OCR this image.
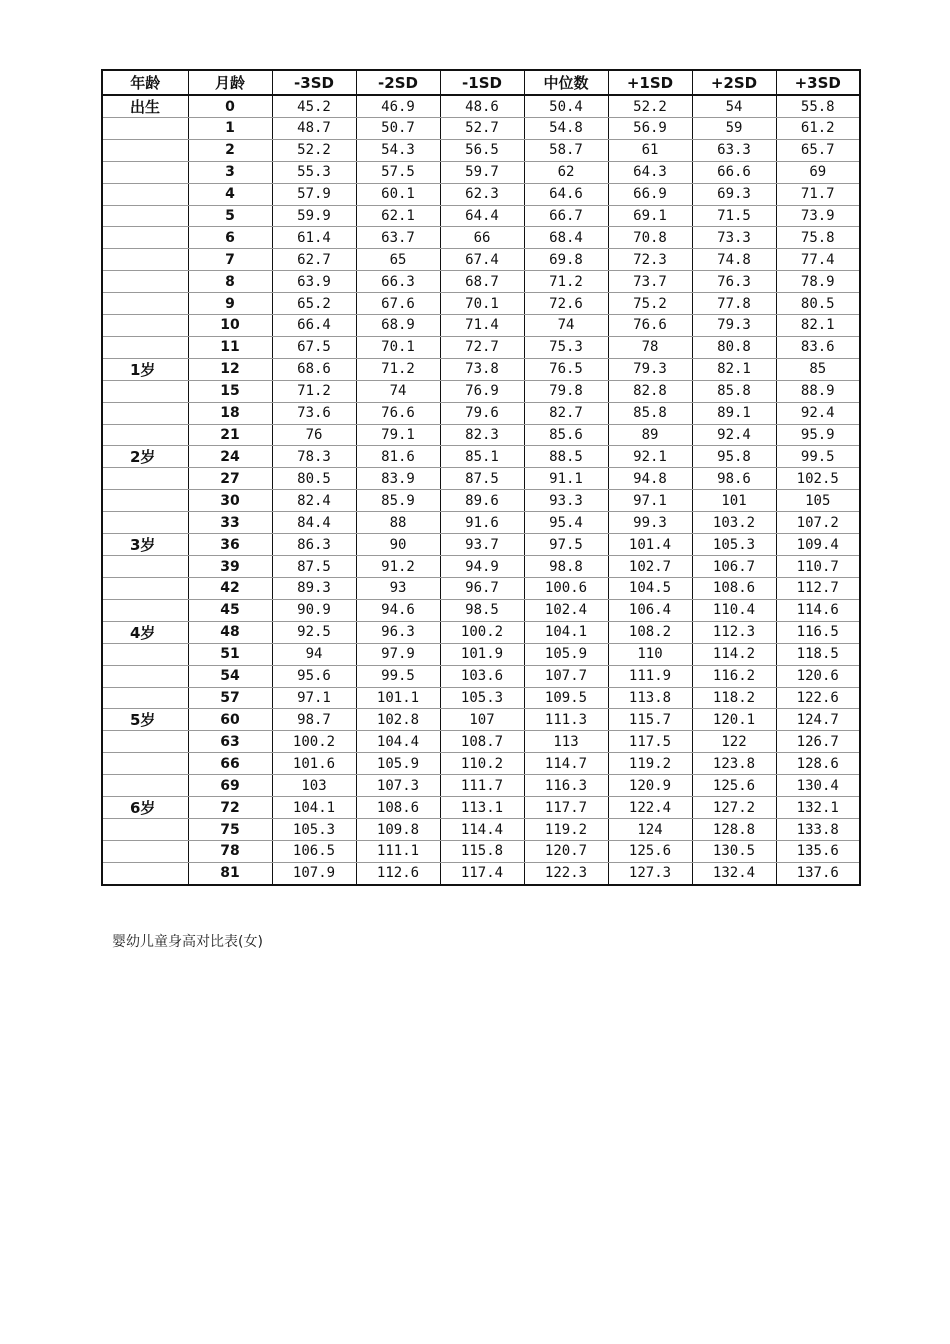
年龄	月龄	-3SD	-2SD	-1SD	中位数	+1SD	+2SD	+3SD
出生	0	45.2	46.9	48.6	50.4	52.2	54	55.8
	1	48.7	50.7	52.7	54.8	56.9	59	61.2
	2	52.2	54.3	56.5	58.7	61	63.3	65.7
	3	55.3	57.5	59.7	62	64.3	66.6	69
	4	57.9	60.1	62.3	64.6	66.9	69.3	71.7
	5	59.9	62.1	64.4	66.7	69.1	71.5	73.9
	6	61.4	63.7	66	68.4	70.8	73.3	75.8
	7	62.7	65	67.4	69.8	72.3	74.8	77.4
	8	63.9	66.3	68.7	71.2	73.7	76.3	78.9
	9	65.2	67.6	70.1	72.6	75.2	77.8	80.5
	10	66.4	68.9	71.4	74	76.6	79.3	82.1
	11	67.5	70.1	72.7	75.3	78	80.8	83.6
1岁	12	68.6	71.2	73.8	76.5	79.3	82.1	85
	15	71.2	74	76.9	79.8	82.8	85.8	88.9
	18	73.6	76.6	79.6	82.7	85.8	89.1	92.4
	21	76	79.1	82.3	85.6	89	92.4	95.9
2岁	24	78.3	81.6	85.1	88.5	92.1	95.8	99.5
	27	80.5	83.9	87.5	91.1	94.8	98.6	102.5
	30	82.4	85.9	89.6	93.3	97.1	101	105
	33	84.4	88	91.6	95.4	99.3	103.2	107.2
3岁	36	86.3	90	93.7	97.5	101.4	105.3	109.4
	39	87.5	91.2	94.9	98.8	102.7	106.7	110.7
	42	89.3	93	96.7	100.6	104.5	108.6	112.7
	45	90.9	94.6	98.5	102.4	106.4	110.4	114.6
4岁	48	92.5	96.3	100.2	104.1	108.2	112.3	116.5
	51	94	97.9	101.9	105.9	110	114.2	118.5
	54	95.6	99.5	103.6	107.7	111.9	116.2	120.6
	57	97.1	101.1	105.3	109.5	113.8	118.2	122.6
5岁	60	98.7	102.8	107	111.3	115.7	120.1	124.7
	63	100.2	104.4	108.7	113	117.5	122	126.7
	66	101.6	105.9	110.2	114.7	119.2	123.8	128.6
	69	103	107.3	111.7	116.3	120.9	125.6	130.4
6岁	72	104.1	108.6	113.1	117.7	122.4	127.2	132.1
	75	105.3	109.8	114.4	119.2	124	128.8	133.8
	78	106.5	111.1	115.8	120.7	125.6	130.5	135.6
	81	107.9	112.6	117.4	122.3	127.3	132.4	137.6

婴幼儿童身高对比表(女)
